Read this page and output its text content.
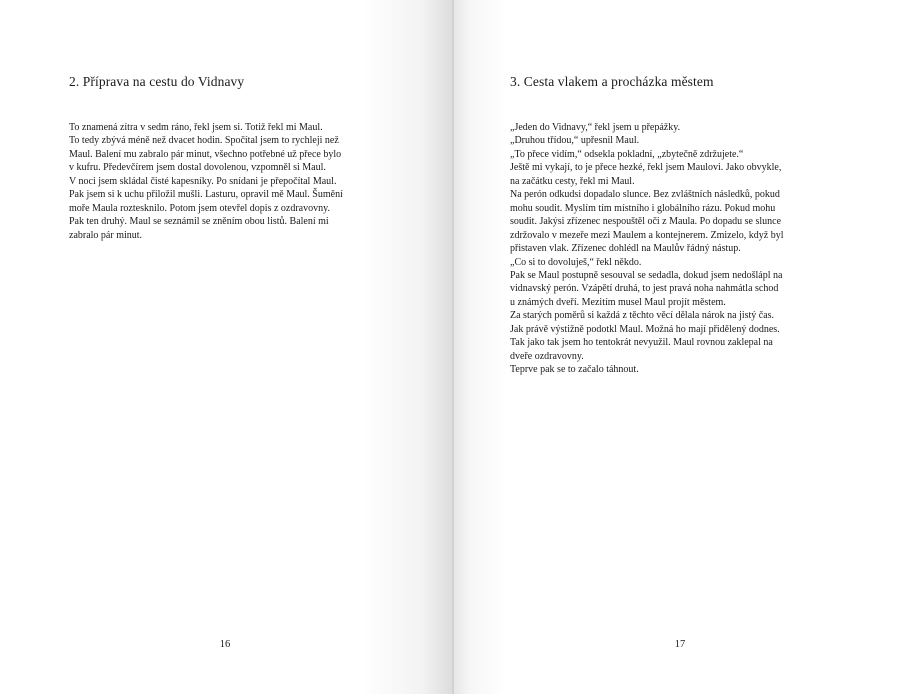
2. Příprava na cestu do Vidnavy

To znamená zítra v sedm ráno, řekl jsem si. Totiž řekl mi Maul.
To tedy zbývá méně než dvacet hodin. Spočítal jsem to rychleji než
Maul. Balení mu zabralo pár minut, všechno potřebné už přece bylo
v kufru. Předevčírem jsem dostal dovolenou, vzpomněl si Maul.
V noci jsem skládal čisté kapesníky. Po snídani je přepočítal Maul.
Pak jsem si k uchu přiložil mušli. Lasturu, opravil mě Maul. Šumění
moře Maula roztesknilo. Potom jsem otevřel dopis z ozdravovny.
Pak ten druhý. Maul se seznámil se zněním obou listů. Balení mi
zabralo pár minut.

16
3. Cesta vlakem a procházka městem

„Jeden do Vidnavy,“ řekl jsem u přepážky.
„Druhou třídou,“ upřesnil Maul.
„To přece vidím,“ odsekla pokladní, „zbytečně zdržujete.“
Ještě mi vykají, to je přece hezké, řekl jsem Maulovi. Jako obvykle,
na začátku cesty, řekl mi Maul.
Na perón odkudsi dopadalo slunce. Bez zvláštních následků, pokud
mohu soudit. Myslím tím místního i globálního rázu. Pokud mohu
soudit. Jakýsi zřízenec nespouštěl oči z Maula. Po dopadu se slunce
zdržovalo v mezeře mezi Maulem a kontejnerem. Zmizelo, když byl
přistaven vlak. Zřízenec dohlédl na Maulův řádný nástup.
„Co si to dovoluješ,“ řekl někdo.
Pak se Maul postupně sesouval se sedadla, dokud jsem nedošlápl na
vidnavský perón. Vzápětí druhá, to jest pravá noha nahmátla schod
u známých dveří. Mezitím musel Maul projít městem.
Za starých poměrů si každá z těchto věcí dělala nárok na jistý čas.
Jak právě výstižně podotkl Maul. Možná ho mají přidělený dodnes.
Tak jako tak jsem ho tentokrát nevyužil. Maul rovnou zaklepal na
dveře ozdravovny.
Teprve pak se to začalo táhnout.

17
